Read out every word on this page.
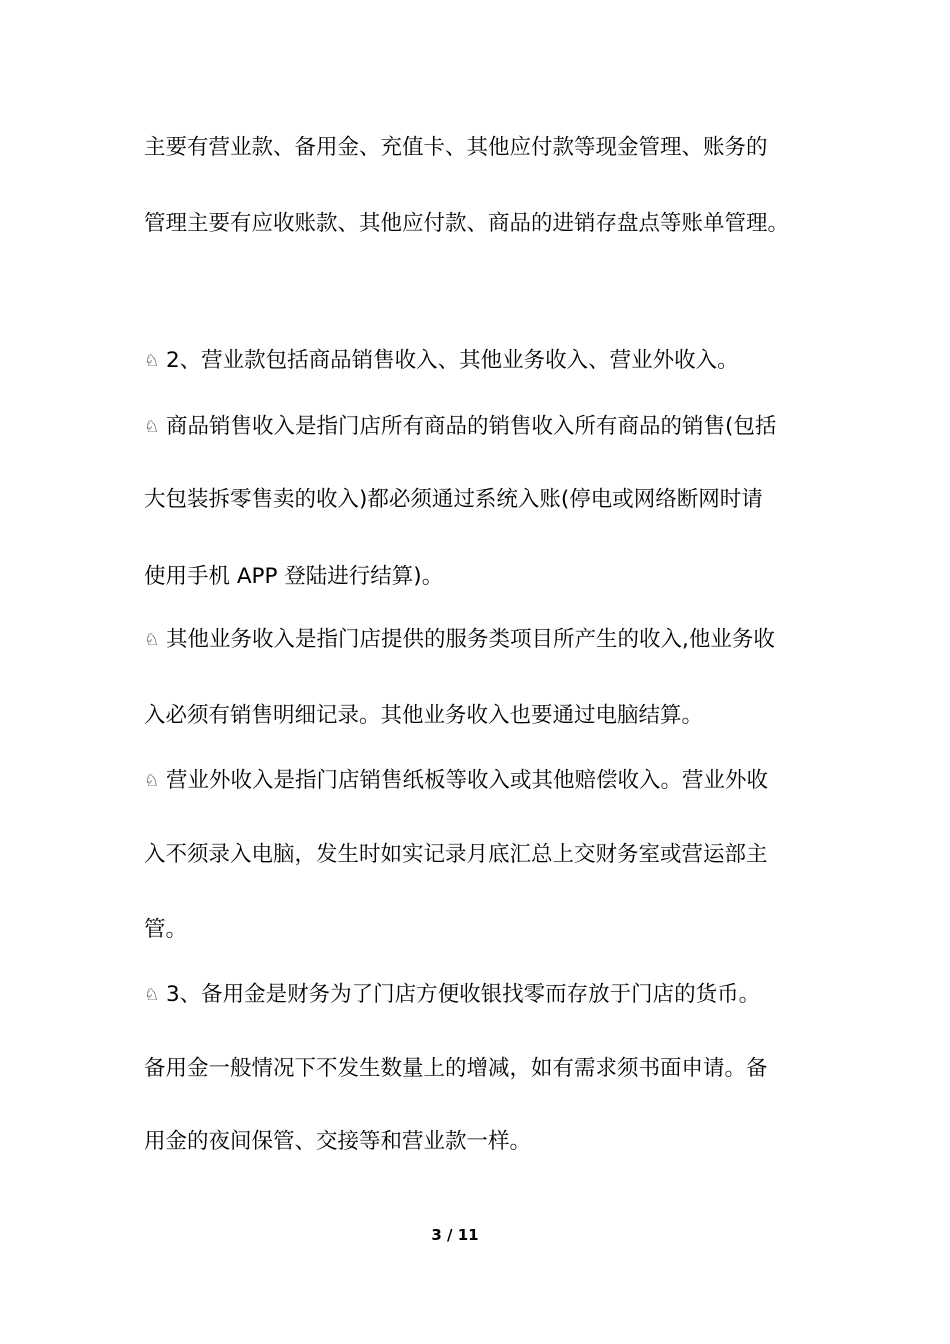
主要有营业款、备用金、充值卡、其他应付款等现金管理、账务的
管理主要有应收账款、其他应付款、商品的进销存盘点等账单管理。
♘ 2、营业款包括商品销售收入、其他业务收入、营业外收入。
♘ 商品销售收入是指门店所有商品的销售收入所有商品的销售(包括
大包装拆零售卖的收入)都必须通过系统入账(停电或网络断网时请
使用手机 APP 登陆进行结算)。
♘ 其他业务收入是指门店提供的服务类项目所产生的收入,他业务收
入必须有销售明细记录。其他业务收入也要通过电脑结算。
♘ 营业外收入是指门店销售纸板等收入或其他赔偿收入。营业外收
入不须录入电脑，发生时如实记录月底汇总上交财务室或营运部主
管。
♘ 3、备用金是财务为了门店方便收银找零而存放于门店的货币。
备用金一般情况下不发生数量上的增减，如有需求须书面申请。备
用金的夜间保管、交接等和营业款一样。
3 / 11
